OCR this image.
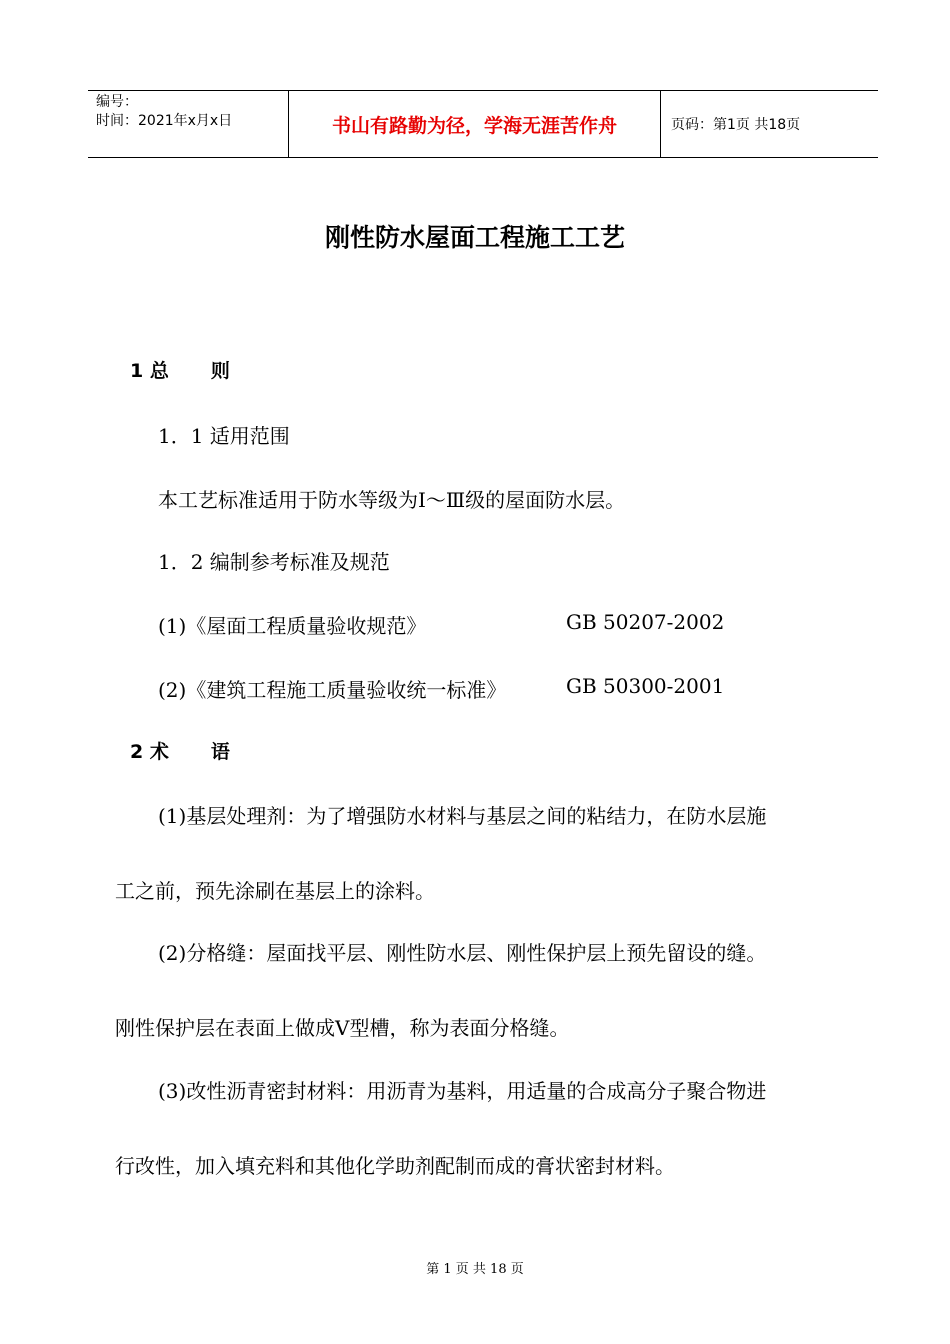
编号：
时间：2021年x月x日	书山有路勤为径，学海无涯苦作舟	页码：第1页 共18页
刚性防水屋面工程施工工艺
1 总 则
1．1 适用范围
本工艺标准适用于防水等级为Ⅰ～Ⅲ级的屋面防水层。
1．2 编制参考标准及规范
(1)《屋面工程质量验收规范》	GB 50207-2002
(2)《建筑工程施工质量验收统一标准》	GB 50300-2001
2 术 语
(1)基层处理剂：为了增强防水材料与基层之间的粘结力，在防水层施
工之前，预先涂刷在基层上的涂料。
(2)分格缝：屋面找平层、刚性防水层、刚性保护层上预先留设的缝。
刚性保护层在表面上做成V型槽，称为表面分格缝。
(3)改性沥青密封材料：用沥青为基料，用适量的合成高分子聚合物进
行改性，加入填充料和其他化学助剂配制而成的膏状密封材料。
第 1 页 共 18 页
